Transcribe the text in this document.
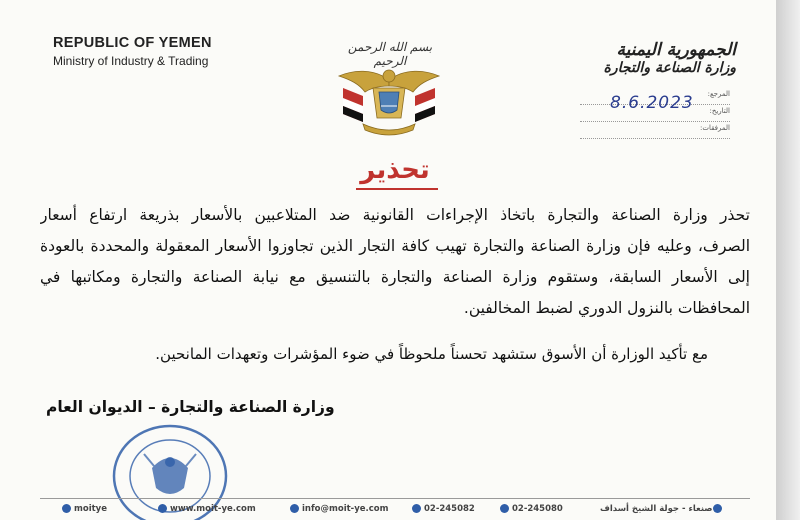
REPUBLIC OF YEMEN
Ministry of Industry & Trading
بسم الله الرحمن الرحيم
الجمهورية اليمنية
وزارة الصناعة والتجارة
المرجع:
التاريخ:
المرفقات:
8.6.2023
تحذير
تحذر وزارة الصناعة والتجارة باتخاذ الإجراءات القانونية ضد المتلاعبين بالأسعار بذريعة ارتفاع أسعار
الصرف، وعليه فإن وزارة الصناعة والتجارة تهيب كافة التجار الذين تجاوزوا الأسعار المعقولة والمحددة بالعودة
إلى الأسعار السابقة، وستقوم وزارة الصناعة والتجارة بالتنسيق مع نيابة الصناعة والتجارة ومكاتبها في
المحافظات بالنزول الدوري لضبط المخالفين.
مع تأكيد الوزارة أن الأسوق ستشهد تحسناً ملحوظاً في ضوء المؤشرات وتعهدات المانحين.
وزارة الصناعة والتجارة – الديوان العام
moitye	www.moit-ye.com	info@moit-ye.com	02-245082	02-245080	صنعاء - جولة الشيخ أسداف
